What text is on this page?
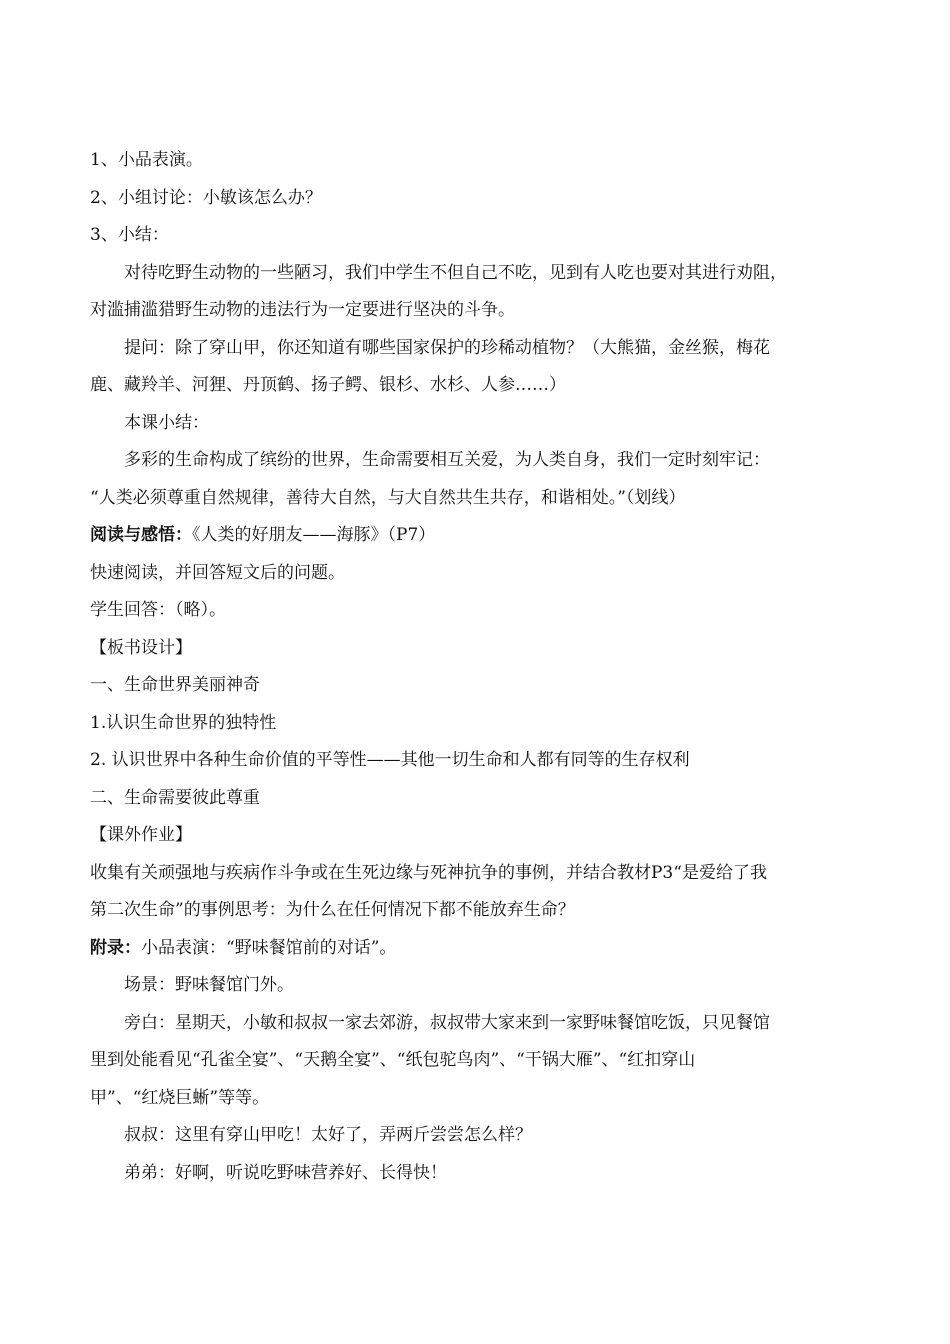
1、小品表演。
2、小组讨论：小敏该怎么办？
3、小结：
对待吃野生动物的一些陋习，我们中学生不但自己不吃，见到有人吃也要对其进行劝阻，
对滥捕滥猎野生动物的违法行为一定要进行坚决的斗争。
提问：除了穿山甲，你还知道有哪些国家保护的珍稀动植物？（大熊猫，金丝猴，梅花
鹿、藏羚羊、河狸、丹顶鹤、扬子鳄、银杉、水杉、人参……）
本课小结：
多彩的生命构成了缤纷的世界，生命需要相互关爱，为人类自身，我们一定时刻牢记：
“人类必须尊重自然规律，善待大自然，与大自然共生共存，和谐相处。”（划线）
阅读与感悟：《人类的好朋友——海豚》（P7）
快速阅读，并回答短文后的问题。
学生回答：（略）。
【板书设计】
一、生命世界美丽神奇
1.认识生命世界的独特性
2. 认识世界中各种生命价值的平等性——其他一切生命和人都有同等的生存权利
二、生命需要彼此尊重
【课外作业】
收集有关顽强地与疾病作斗争或在生死边缘与死神抗争的事例，并结合教材P3“是爱给了我
第二次生命”的事例思考：为什么在任何情况下都不能放弃生命？
附录：小品表演：“野味餐馆前的对话”。
场景：野味餐馆门外。
旁白：星期天，小敏和叔叔一家去郊游，叔叔带大家来到一家野味餐馆吃饭，只见餐馆
里到处能看见“孔雀全宴”、“天鹅全宴”、“纸包驼鸟肉”、“干锅大雁”、“红扣穿山
甲”、“红烧巨蜥”等等。
叔叔：这里有穿山甲吃！太好了，弄两斤尝尝怎么样？
弟弟：好啊，听说吃野味营养好、长得快！
